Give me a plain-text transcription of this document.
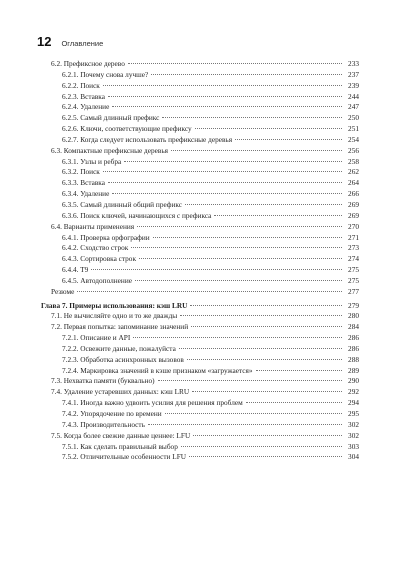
12 Оглавление
6.2. Префиксное дерево	233
6.2.1. Почему снова лучше?	237
6.2.2. Поиск	239
6.2.3. Вставка	244
6.2.4. Удаление	247
6.2.5. Самый длинный префикс	250
6.2.6. Ключи, соответствующие префиксу	251
6.2.7. Когда следует использовать префиксные деревья	254
6.3. Компактные префиксные деревья	256
6.3.1. Узлы и ребра	258
6.3.2. Поиск	262
6.3.3. Вставка	264
6.3.4. Удаление	266
6.3.5. Самый длинный общий префикс	269
6.3.6. Поиск ключей, начинающихся с префикса	269
6.4. Варианты применения	270
6.4.1. Проверка орфографии	271
6.4.2. Сходство строк	273
6.4.3. Сортировка строк	274
6.4.4. T9	275
6.4.5. Автодополнение	275
Резюме	277
Глава 7. Примеры использования: кэш LRU	279
7.1. Не вычисляйте одно и то же дважды	280
7.2. Первая попытка: запоминание значений	284
7.2.1. Описание и API	286
7.2.2. Освежите данные, пожалуйста	286
7.2.3. Обработка асинхронных вызовов	288
7.2.4. Маркировка значений в кэше признаком «загружается»	289
7.3. Нехватка памяти (буквально)	290
7.4. Удаление устаревших данных: кэш LRU	292
7.4.1. Иногда важно удвоить усилия для решения проблем	294
7.4.2. Упорядочение по времени	295
7.4.3. Производительность	302
7.5. Когда более свежие данные ценнее: LFU	302
7.5.1. Как сделать правильный выбор	303
7.5.2. Отличительные особенности LFU	304
